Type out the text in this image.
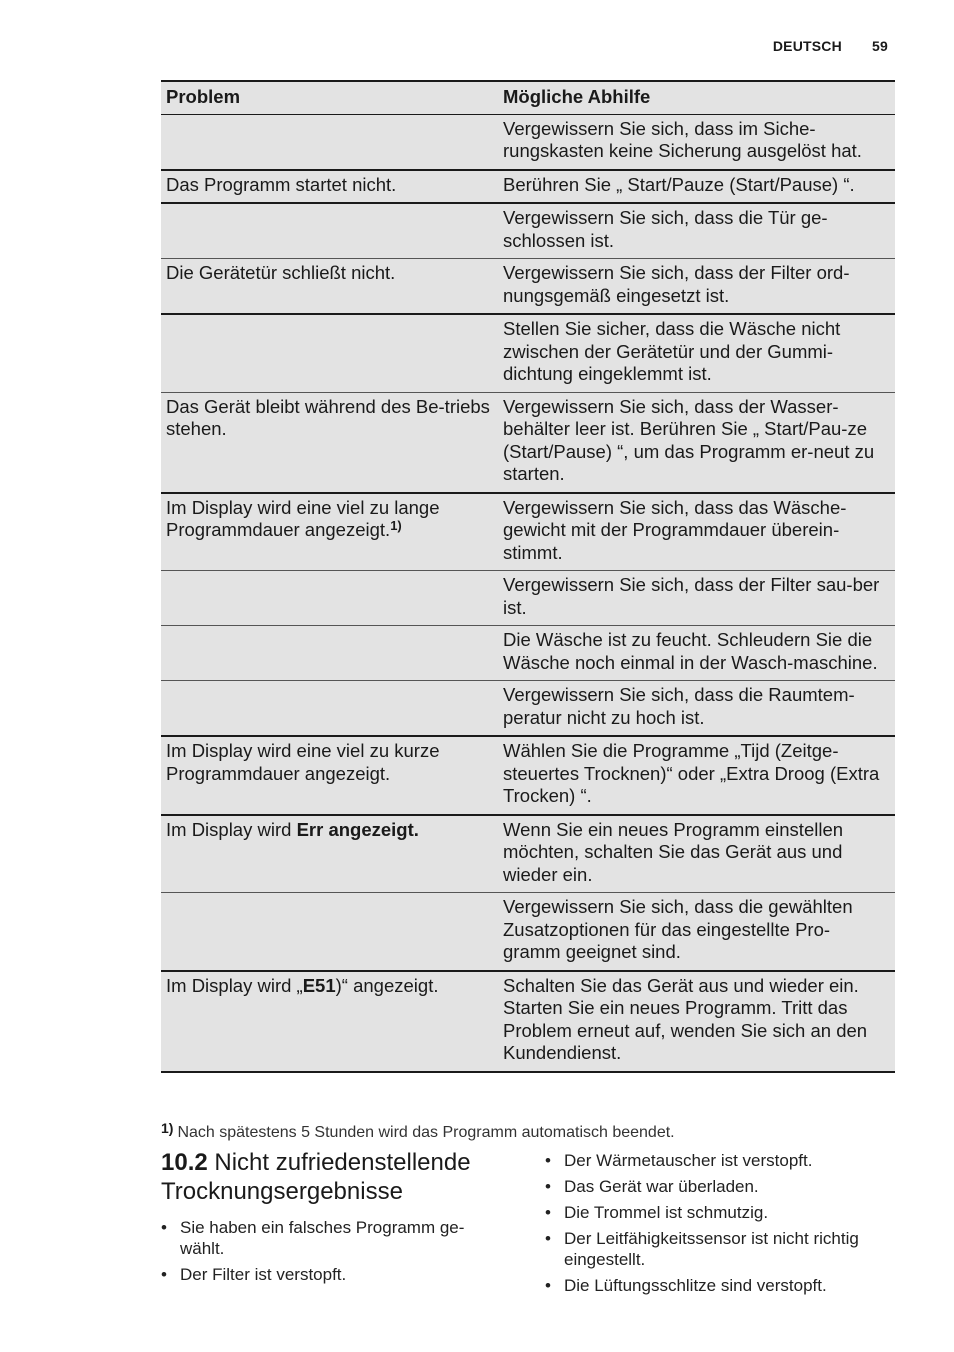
DEUTSCH 59
Problem	Mögliche Abhilfe
	Vergewissern Sie sich, dass im Siche-rungskasten keine Sicherung ausgelöst hat.
Das Programm startet nicht.	Berühren Sie „ Start/Pauze (Start/Pause) “.
	Vergewissern Sie sich, dass die Tür ge-schlossen ist.
Die Gerätetür schließt nicht.	Vergewissern Sie sich, dass der Filter ord-nungsgemäß eingesetzt ist.
	Stellen Sie sicher, dass die Wäsche nicht zwischen der Gerätetür und der Gummi-dichtung eingeklemmt ist.
Das Gerät bleibt während des Be-triebs stehen.	Vergewissern Sie sich, dass der Wasser-behälter leer ist. Berühren Sie „ Start/Pau-ze (Start/Pause) “, um das Programm er-neut zu starten.
Im Display wird eine viel zu lange Programmdauer angezeigt.$^{1)}$	Vergewissern Sie sich, dass das Wäsche-gewicht mit der Programmdauer überein-stimmt.
	Vergewissern Sie sich, dass der Filter sau-ber ist.
	Die Wäsche ist zu feucht. Schleudern Sie die Wäsche noch einmal in der Wasch-maschine.
	Vergewissern Sie sich, dass die Raumtem-peratur nicht zu hoch ist.
Im Display wird eine viel zu kurze Programmdauer angezeigt.	Wählen Sie die Programme „Tijd (Zeitge-steuertes Trocknen)“ oder „Extra Droog (Extra Trocken) “.
Im Display wird Err angezeigt.	Wenn Sie ein neues Programm einstellen möchten, schalten Sie das Gerät aus und wieder ein.
	Vergewissern Sie sich, dass die gewählten Zusatzoptionen für das eingestellte Pro-gramm geeignet sind.
Im Display wird „E51)“ angezeigt.	Schalten Sie das Gerät aus und wieder ein. Starten Sie ein neues Programm. Tritt das Problem erneut auf, wenden Sie sich an den Kundendienst.
$^{1)}$ Nach spätestens 5 Stunden wird das Programm automatisch beendet.
10.2 Nicht zufriedenstellende Trocknungsergebnisse
• Sie haben ein falsches Programm ge-wählt.
• Der Filter ist verstopft.
• Der Wärmetauscher ist verstopft.
• Das Gerät war überladen.
• Die Trommel ist schmutzig.
• Der Leitfähigkeitssensor ist nicht richtig eingestellt.
• Die Lüftungsschlitze sind verstopft.
